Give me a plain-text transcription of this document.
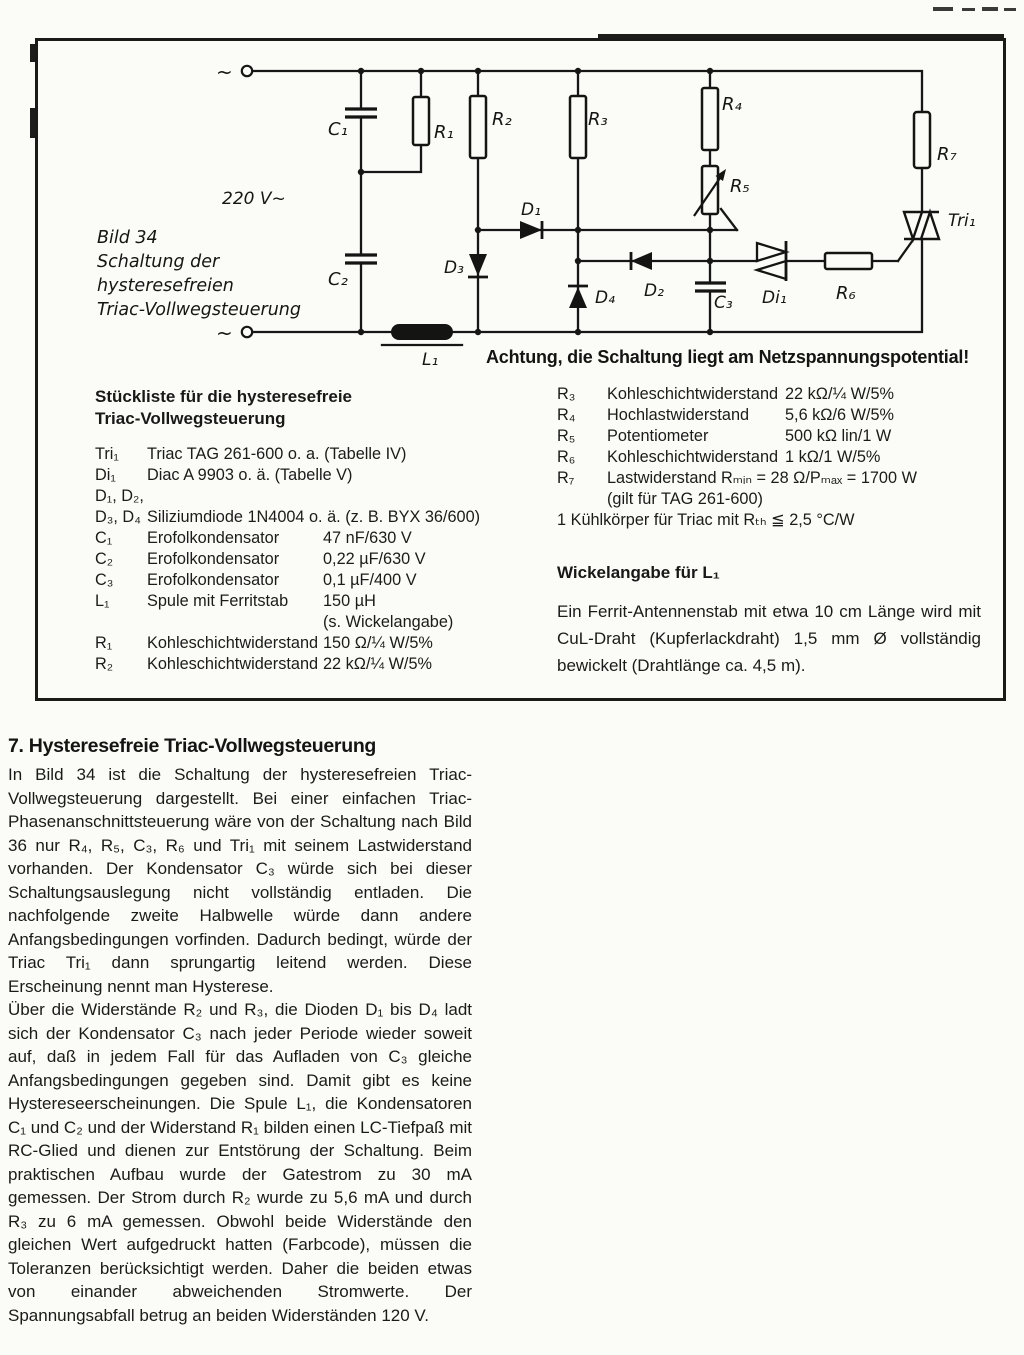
~
~
220 V~
Bild 34
Schaltung der
hysteresefreien
Triac-Vollwegsteuerung
C₁
C₂
R₁
R₂	R₃
R₄
R₅
R₇
D₁
D₂
D₃
D₄	C₃ Di₁	R₆
Tri₁
L₁	Achtung, die Schaltung liegt am Netzspannungspotential!
Stückliste für die hysteresefreie
Triac-Vollwegsteuerung
Tri₁	Triac TAG 261-600 o. a. (Tabelle IV)
Di₁	Diac A 9903 o. ä. (Tabelle V)
D₁, D₂,
D₃, D₄ Siliziumdiode 1N4004 o. ä. (z. B. BYX 36/600)
C₁	Erofolkondensator	47 nF/630 V
C₂	Erofolkondensator	0,22 µF/630 V
C₃	Erofolkondensator	0,1 µF/400 V
L₁	Spule mit Ferritstab	150 µH
(s. Wickelangabe)
R₁	Kohleschichtwiderstand 150 Ω/¼ W/5%
R₂	Kohleschichtwiderstand 22 kΩ/¼ W/5%
R₃	Kohleschichtwiderstand 22 kΩ/¼ W/5%
R₄	Hochlastwiderstand	5,6 kΩ/6 W/5%
R₅	Potentiometer	500 kΩ lin/1 W
R₆	Kohleschichtwiderstand 1 kΩ/1 W/5%
R₇	Lastwiderstand Rₘᵢₙ = 28 Ω/Pₘₐₓ = 1700 W
(gilt für TAG 261-600)
1 Kühlkörper für Triac mit Rₜₕ ≦ 2,5 °C/W
Wickelangabe für L₁
Ein Ferrit-Antennenstab mit etwa 10 cm Länge wird mit CuL-Draht (Kupferlackdraht) 1,5 mm Ø vollständig bewickelt (Drahtlänge ca. 4,5 m).
7. Hysteresefreie Triac-Vollwegsteuerung

In Bild 34 ist die Schaltung der hysteresefreien Triac-Vollwegsteuerung dargestellt. Bei einer einfachen Triac-Phasenanschnittsteuerung wäre von der Schaltung nach Bild 36 nur R₄, R₅, C₃, R₆ und Tri₁ mit seinem Lastwiderstand vorhanden. Der Kondensator C₃ würde sich bei dieser Schaltungsauslegung nicht vollständig entladen. Die nachfolgende zweite Halbwelle würde dann andere Anfangsbedingungen vorfinden. Dadurch bedingt, würde der Triac Tri₁ dann sprungartig leitend werden. Diese Erscheinung nennt man Hysterese.

Über die Widerstände R₂ und R₃, die Dioden D₁ bis D₄ ladt sich der Kondensator C₃ nach jeder Periode wieder soweit auf, daß in jedem Fall für das Aufladen von C₃ gleiche Anfangsbedingungen gegeben sind. Damit gibt es keine Hystereseerscheinungen. Die Spule L₁, die Kondensatoren C₁ und C₂ und der Widerstand R₁ bilden einen LC-Tiefpaß mit RC-Glied und dienen zur Entstörung der Schaltung. Beim praktischen Aufbau wurde der Gatestrom zu 30 mA gemessen. Der Strom durch R₂ wurde zu 5,6 mA und durch R₃ zu 6 mA gemessen. Obwohl beide Widerstände den gleichen Wert aufgedruckt hatten (Farbcode), müssen die Toleranzen berücksichtigt werden. Daher die beiden etwas von einander abweichenden Stromwerte. Der Spannungsabfall betrug an beiden Widerständen 120 V.
